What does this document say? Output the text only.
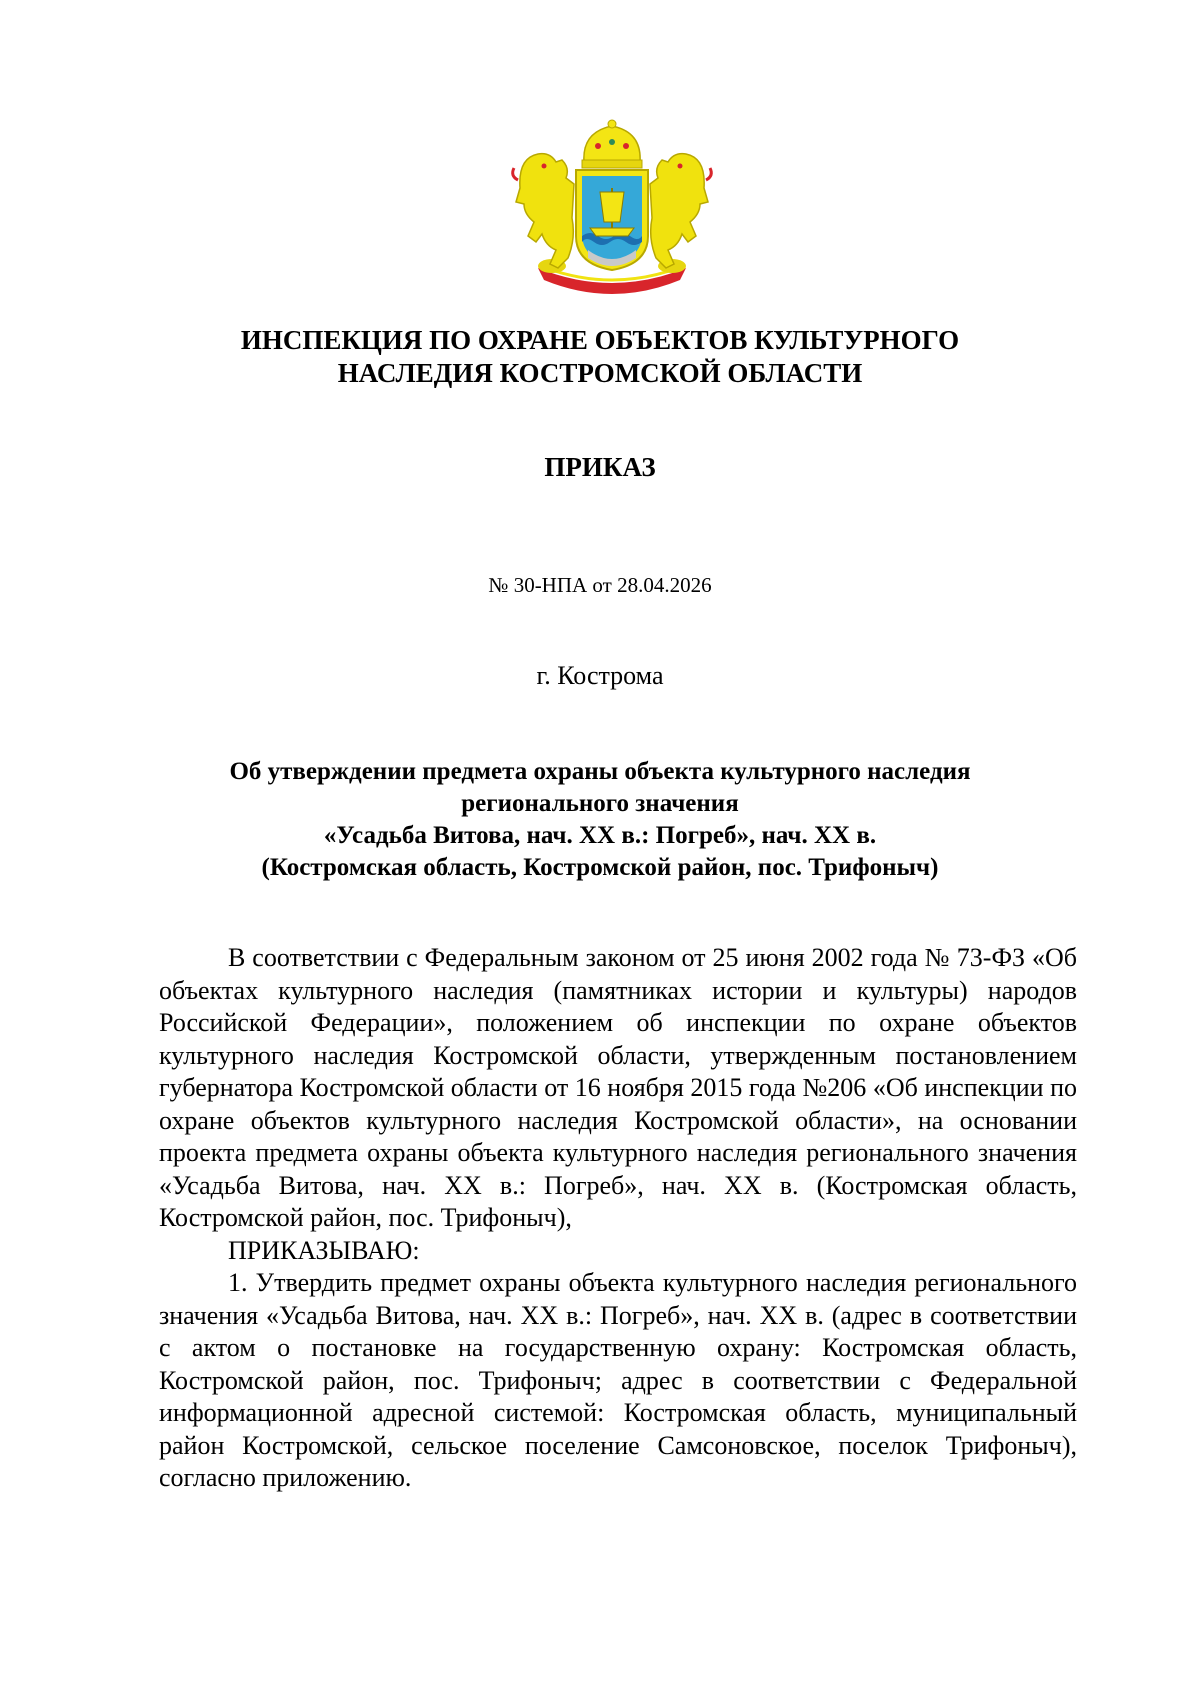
ИНСПЕКЦИЯ ПО ОХРАНЕ ОБЪЕКТОВ КУЛЬТУРНОГО
НАСЛЕДИЯ КОСТРОМСКОЙ ОБЛАСТИ
ПРИКАЗ
№ 30-НПА от 28.04.2026
г. Кострома
Об утверждении предмета охраны объекта культурного наследия
регионального значения
«Усадьба Витова, нач. XX в.: Погреб», нач. XX в.
(Костромская область, Костромской район, пос. Трифоныч)

В соответствии с Федеральным законом от 25 июня 2002 года № 73-ФЗ «Об объектах культурного наследия (памятниках истории и культуры) народов Российской Федерации», положением об инспекции по охране объектов культурного наследия Костромской области, утвержденным постановлением губернатора Костромской области от 16 ноября 2015 года №206 «Об инспекции по охране объектов культурного наследия Костромской области», на основании проекта предмета охраны объекта культурного наследия регионального значения «Усадьба Витова, нач. XX в.: Погреб», нач. XX в. (Костромская область, Костромской район, пос. Трифоныч),

ПРИКАЗЫВАЮ:

1. Утвердить предмет охраны объекта культурного наследия регионального значения «Усадьба Витова, нач. XX в.: Погреб», нач. XX в. (адрес в соответствии с актом о постановке на государственную охрану: Костромская область, Костромской район, пос. Трифоныч; адрес в соответствии с Федеральной информационной адресной системой: Костромская область, муниципальный район Костромской, сельское поселение Самсоновское, поселок Трифоныч), согласно приложению.
